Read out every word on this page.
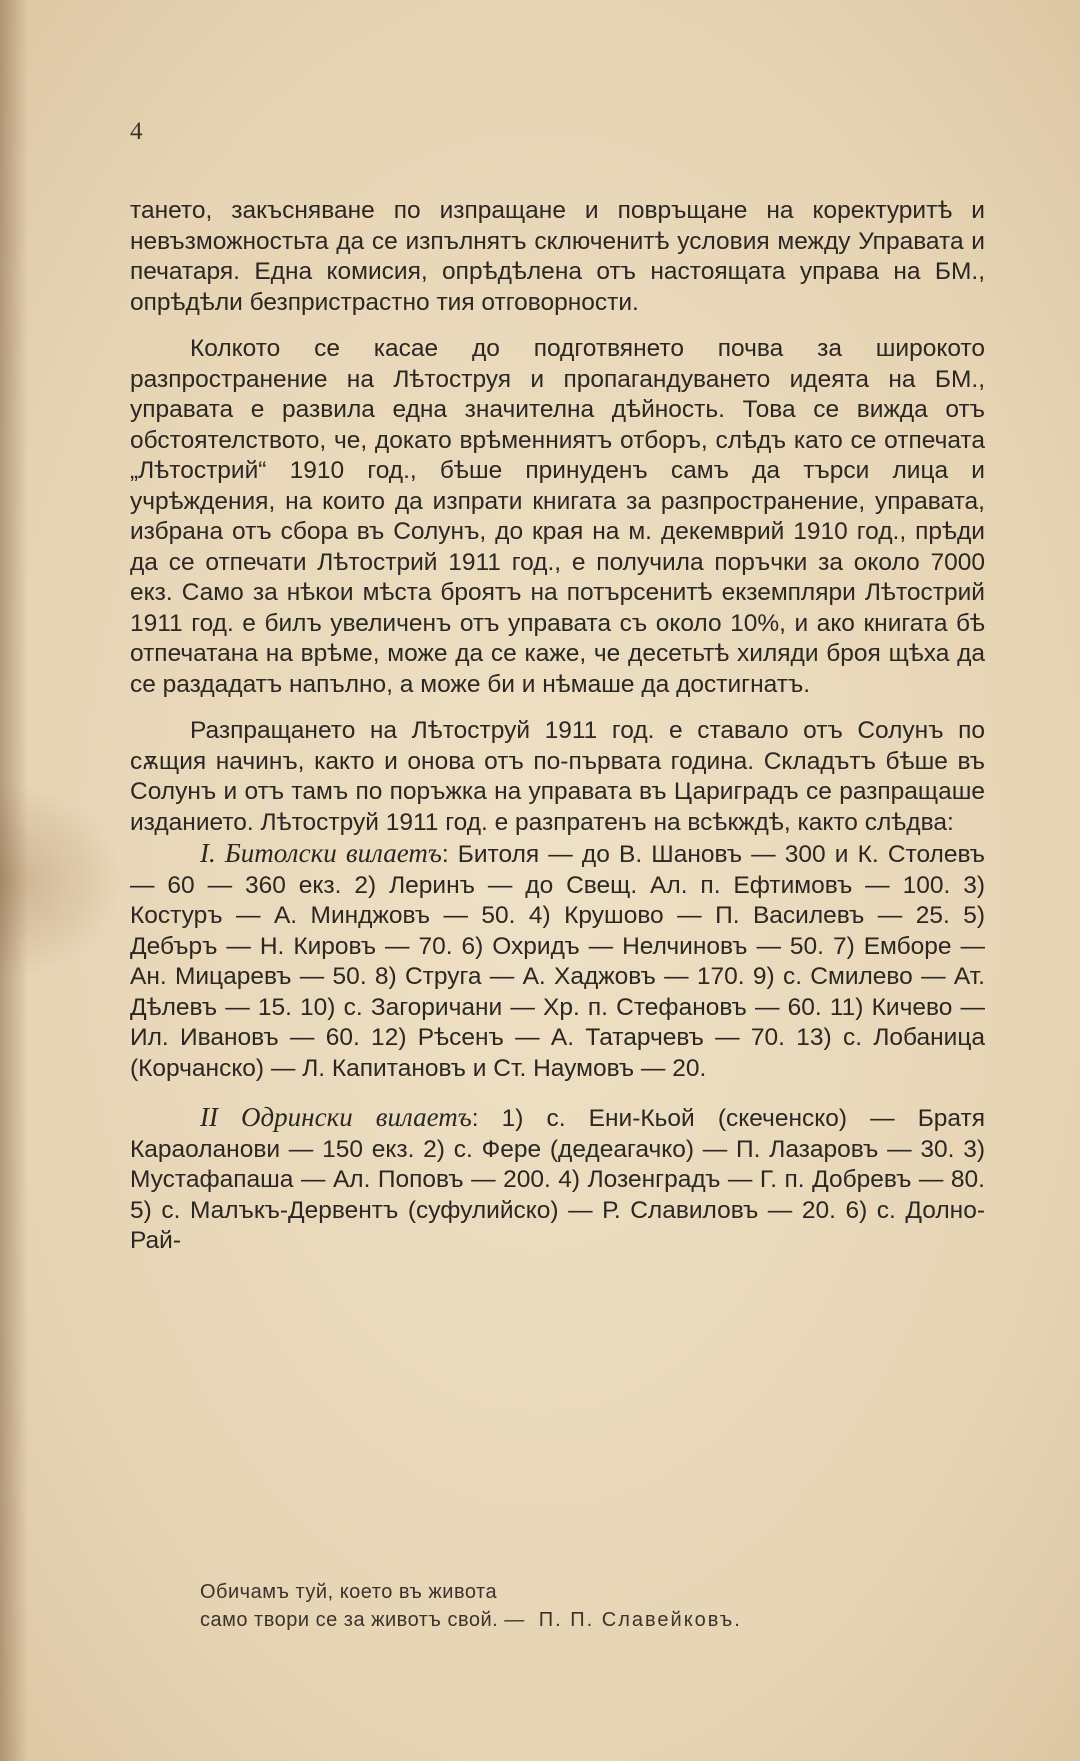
4

тането, закъсняване по изпращане и повръщане на коректуритѣ и невъзможностьта да се изпълнятъ сключенитѣ условия между Управата и печатаря. Една комисия, опрѣдѣлена отъ настоящата управа на БМ., опрѣдѣли безпристрастно тия отговорности.

Колкото се касае до подготвянето почва за широкото разпространение на Лѣтоструя и пропагандуването идеята на БМ., управата е развила една значителна дѣйность. Това се вижда отъ обстоятелството, че, докато врѣменниятъ отборъ, слѣдъ като се отпечата „Лѣтострий“ 1910 год., бѣше принуденъ самъ да търси лица и учрѣждения, на които да изпрати книгата за разпространение, управата, избрана отъ сбора въ Солунъ, до края на м. декемврий 1910 год., прѣди да се отпечати Лѣтострий 1911 год., е получила поръчки за около 7000 екз. Само за нѣкои мѣста броятъ на потърсенитѣ екземпляри Лѣтострий 1911 год. е билъ увеличенъ отъ управата съ около 10%, и ако книгата бѣ отпечатана на врѣме, може да се каже, че десетьтѣ хиляди броя щѣха да се раздадатъ напълно, а може би и нѣмаше да достигнатъ.

Разпращането на Лѣтоструй 1911 год. е ставало отъ Солунъ по сѫщия начинъ, както и онова отъ по-първата година. Складътъ бѣше въ Солунъ и отъ тамъ по поръжка на управата въ Цариградъ се разпращаше изданието. Лѣтоструй 1911 год. е разпратенъ на всѣкждѣ, както слѣдва:

I. Битолски вилаетъ: Битоля — до В. Шановъ — 300 и К. Столевъ — 60 — 360 екз. 2) Леринъ — до Свещ. Ал. п. Ефтимовъ — 100. 3) Костуръ — А. Минджовъ — 50. 4) Крушово — П. Василевъ — 25. 5) Дебъръ — Н. Кировъ — 70. 6) Охридъ — Нелчиновъ — 50. 7) Емборе — Ан. Мицаревъ — 50. 8) Струга — А. Хаджовъ — 170. 9) с. Смилево — Ат. Дѣлевъ — 15. 10) с. Загоричани — Хр. п. Стефановъ — 60. 11) Кичево — Ил. Ивановъ — 60. 12) Рѣсенъ — А. Татарчевъ — 70. 13) с. Лобаница (Корчанско) — Л. Капитановъ и Ст. Наумовъ — 20.

II Одрински вилаетъ: 1) с. Ени-Кьой (скеченско) — Братя Караоланови — 150 екз. 2) с. Фере (дедеагачко) — П. Лазаровъ — 30. 3) Мустафапаша — Ал. Поповъ — 200. 4) Лозенградъ — Г. п. Добревъ — 80. 5) с. Малъкъ-Дервентъ (суфулийско) — Р. Славиловъ — 20. 6) с. Долно-Рай-

Обичамъ туй, което въ живота
само твори се за животъ свой. — П. П. Славейковъ.
